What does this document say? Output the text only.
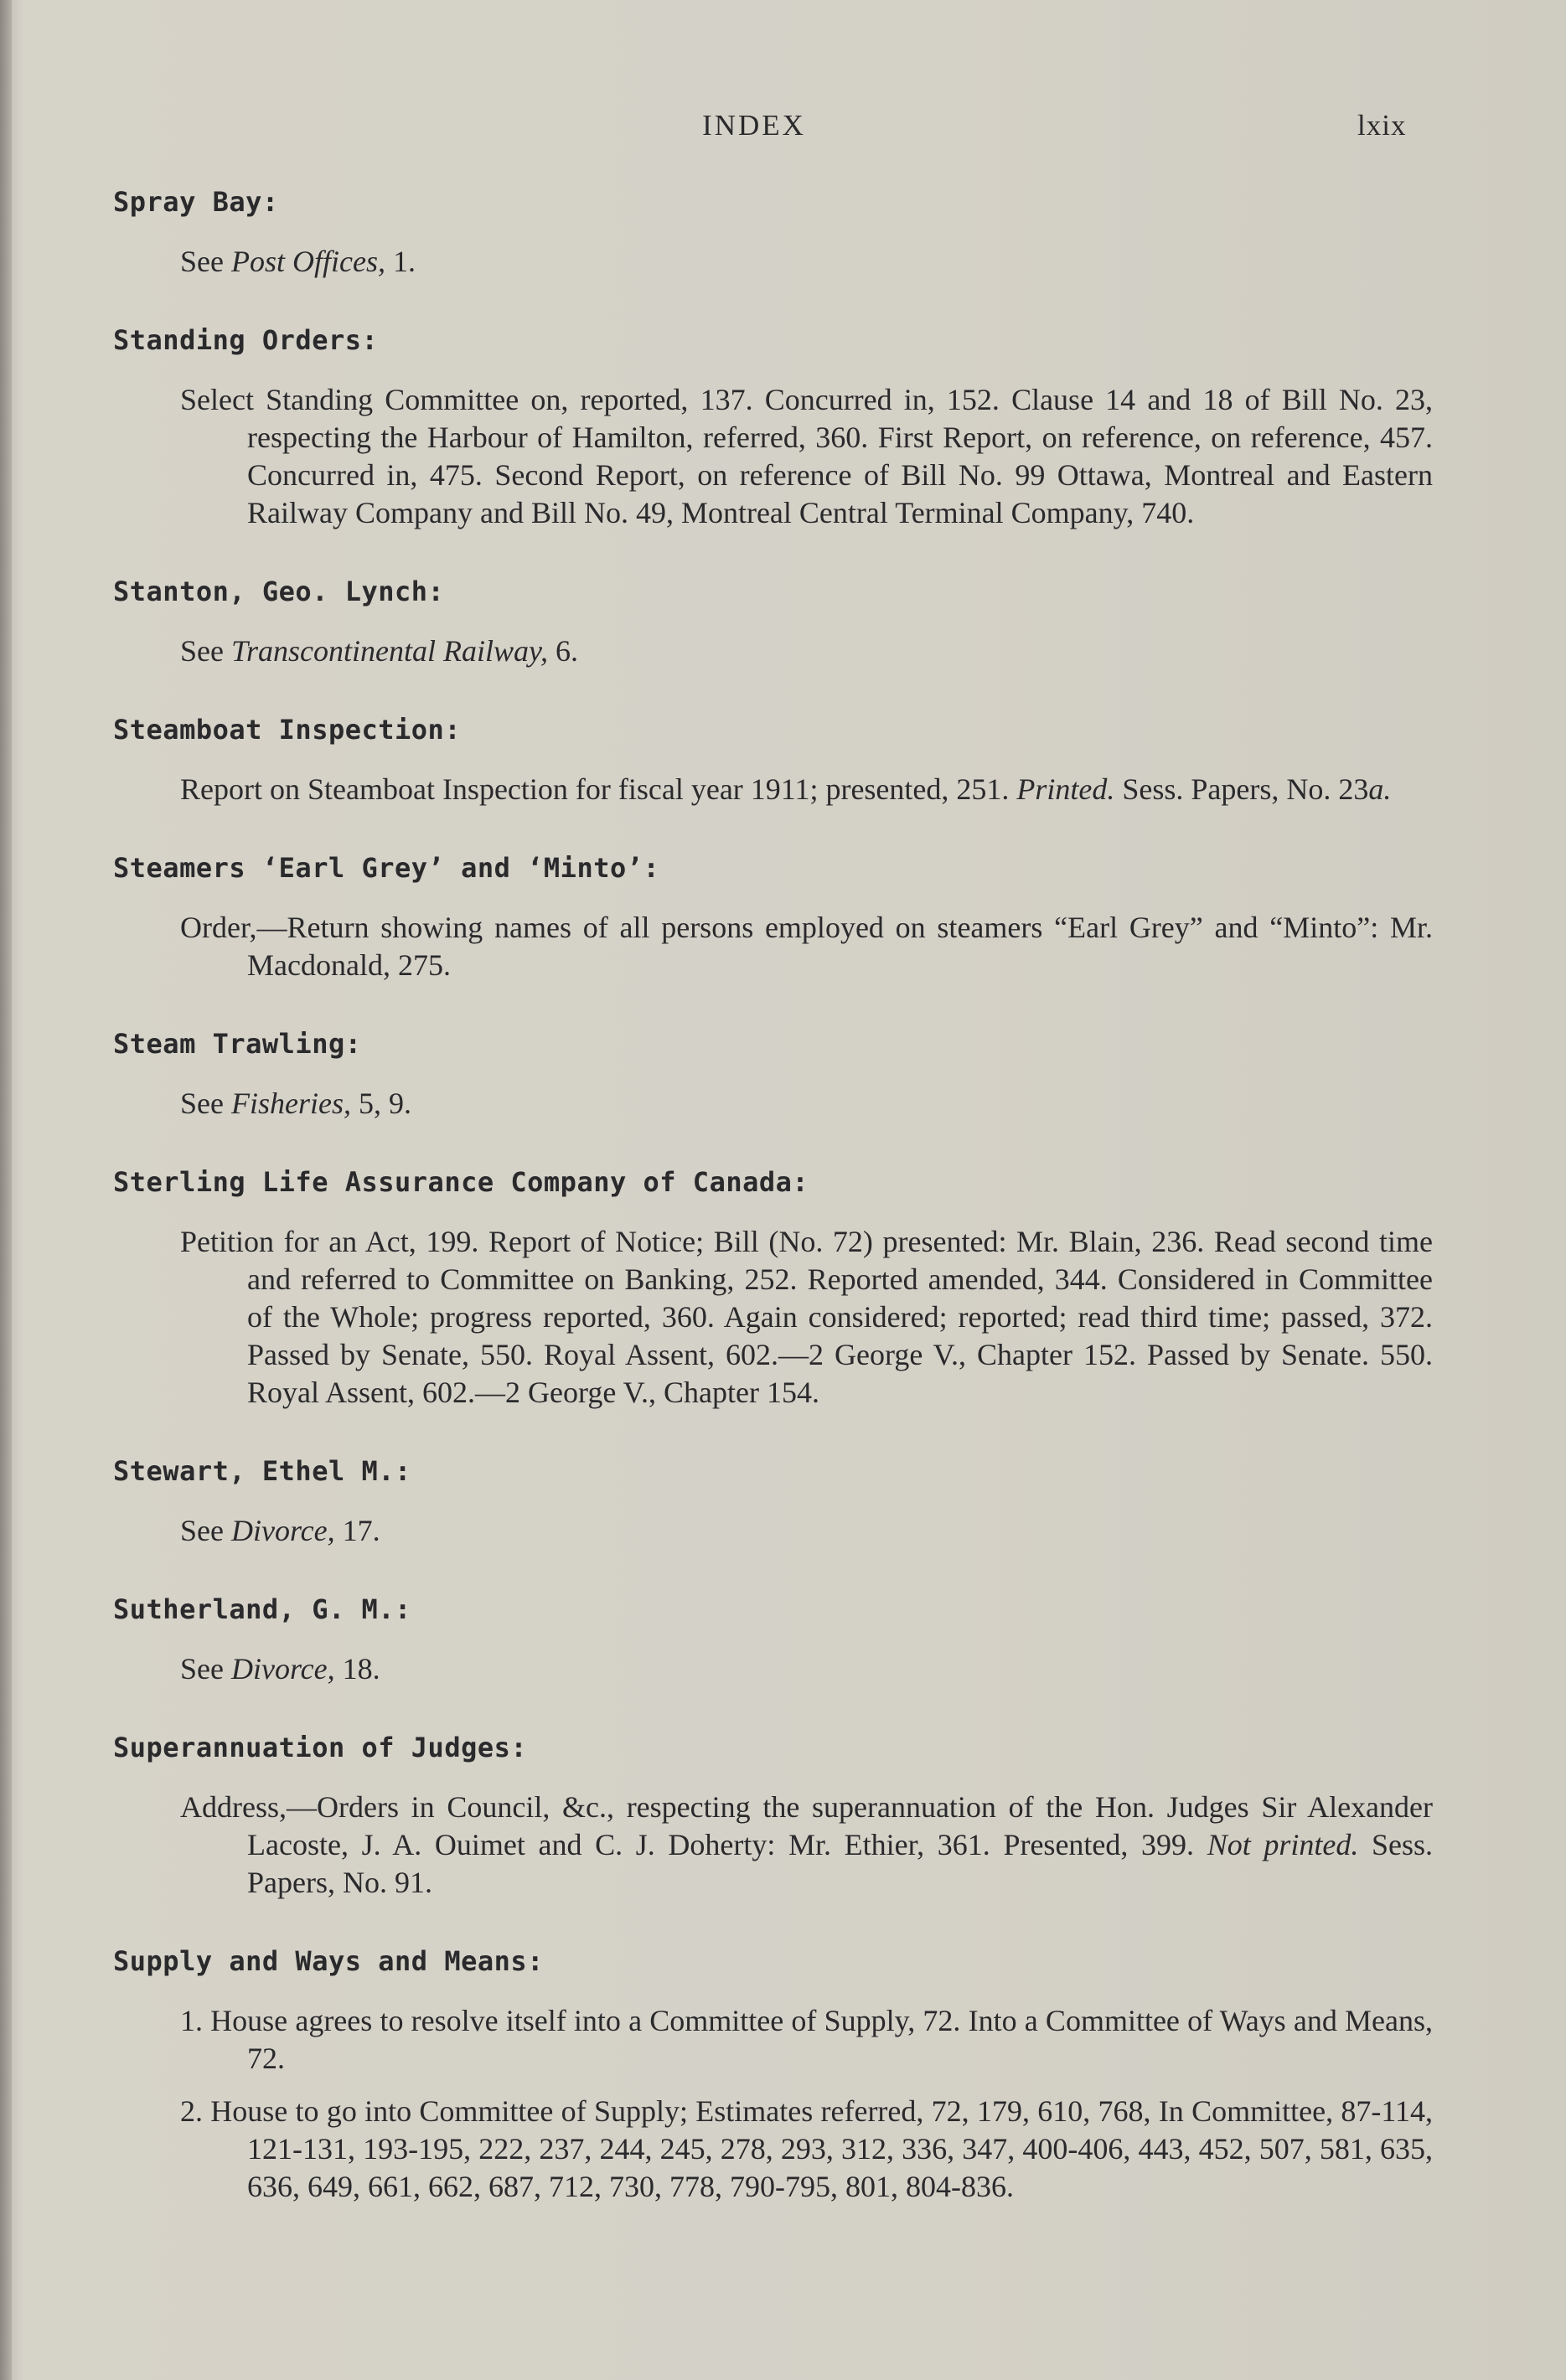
INDEX	lxix
Spray Bay:

See Post Offices, 1.

Standing Orders:

Select Standing Committee on, reported, 137. Concurred in, 152. Clause 14 and 18 of Bill No. 23, respecting the Harbour of Hamilton, referred, 360. First Report, on reference, on reference, 457. Concurred in, 475. Second Report, on reference of Bill No. 99 Ottawa, Montreal and Eastern Railway Company and Bill No. 49, Montreal Central Terminal Company, 740.

Stanton, Geo. Lynch:

See Transcontinental Railway, 6.

Steamboat Inspection:

Report on Steamboat Inspection for fiscal year 1911; presented, 251. Printed. Sess. Papers, No. 23a.

Steamers ‘Earl Grey’ and ‘Minto’:

Order,—Return showing names of all persons employed on steamers “Earl Grey” and “Minto”: Mr. Macdonald, 275.

Steam Trawling:

See Fisheries, 5, 9.

Sterling Life Assurance Company of Canada:

Petition for an Act, 199. Report of Notice; Bill (No. 72) presented: Mr. Blain, 236. Read second time and referred to Committee on Banking, 252. Reported amended, 344. Considered in Committee of the Whole; progress reported, 360. Again considered; reported; read third time; passed, 372. Passed by Senate, 550. Royal Assent, 602.—2 George V., Chapter 152. Passed by Senate. 550. Royal Assent, 602.—2 George V., Chapter 154.

Stewart, Ethel M.:

See Divorce, 17.

Sutherland, G. M.:

See Divorce, 18.

Superannuation of Judges:

Address,—Orders in Council, &c., respecting the superannuation of the Hon. Judges Sir Alexander Lacoste, J. A. Ouimet and C. J. Doherty: Mr. Ethier, 361. Presented, 399. Not printed. Sess. Papers, No. 91.

Supply and Ways and Means:

1. House agrees to resolve itself into a Committee of Supply, 72. Into a Committee of Ways and Means, 72.

2. House to go into Committee of Supply; Estimates referred, 72, 179, 610, 768, In Committee, 87-114, 121-131, 193-195, 222, 237, 244, 245, 278, 293, 312, 336, 347, 400-406, 443, 452, 507, 581, 635, 636, 649, 661, 662, 687, 712, 730, 778, 790-795, 801, 804-836.
